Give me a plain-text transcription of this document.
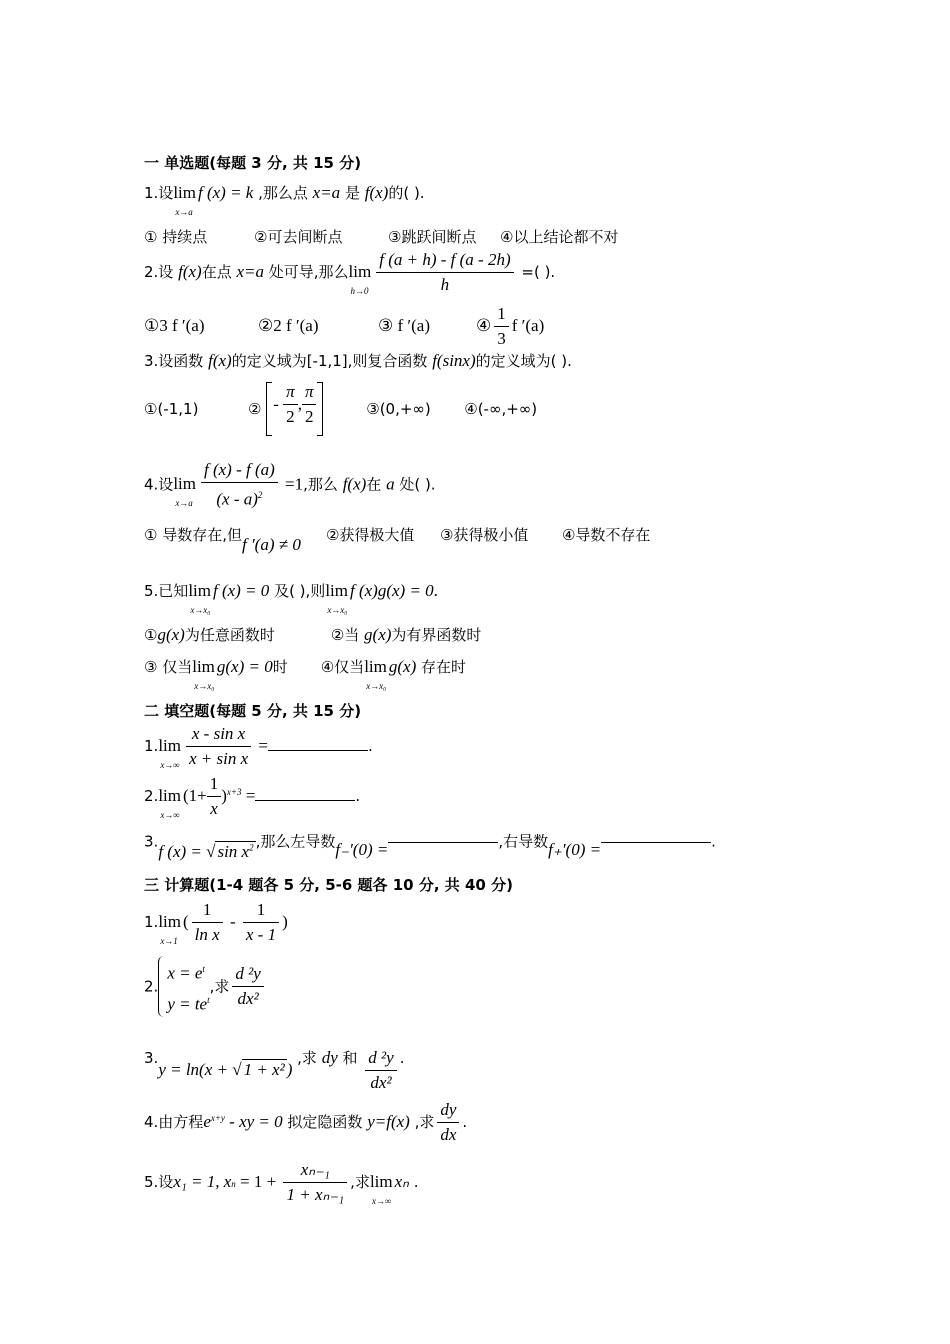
一 单选题(每题 3 分, 共 15 分)
1.设lim
x→a
f (x) = k ,那么点 x=a 是 f(x)的( ).
① 持续点	②可去间断点	③跳跃间断点 ④以上结论都不对
2.设 f(x)在点 x=a 处可导,那么lim
$h\to 0 \frac{f (a + h) - f (a - 2h)}{h}$ =( ).
①3 f ′(a)	②2 f ′(a)	③ f ′(a)	④ $\frac{1}{3}$ f ′(a)
3.设函数 f(x)的定义域为[-1,1],则复合函数 f(sinx)的定义域为( ).
①(-1,1)	② - $\frac{\pi}{2}$ , $\frac{\pi}{2}$	③(0,+∞) ④(-∞,+∞)
4.设lim
$x\to a \frac{f (x) - f (a)}{(x - a)^2} =1$,那么 f(x)在 a 处( ).
① 导数存在,但f ′(a) ≠ 0 ②获得极大值 ③获得极小值 ④导数不存在
5.已知lim
x→x₀
f (x) = 0 及( ),则lim
x→x₀
f (x)g(x) = 0.
①g(x)为任意函数时	②当 g(x)为有界函数时
③ 仅当lim
x→x₀
g(x) = 0时 ④仅当lim
x→x₀
g(x) 存在时
二 填空题(每题 5 分, 共 15 分)
1.lim
$x\to\infty \frac{\text{x - sin x}}{\text{x + sin x}}$ =	.
2.lim
x→∞
$(1+ \frac{1}{x} )^{x+3}$ =	.
3.f (x) = √ $\sin x^2$ ,那么左导数f₋′(0) =	,右导数f₊′(0) =	.
三 计算题(1-4 题各 5 分, 5-6 题各 10 分, 共 40 分)
1.lim
x→1
( $\frac{1}{\text{ln x}} - \frac{1}{x - 1}$ )
$2.x = e^t$
$y = te^t$,求 $\frac{\text{d ²y}}{\text{dx²}}$
3.y = ln(x + √ 1 + x² ) ,求 dy 和 $\frac{\text{d ²y}}{\text{dx²}}$ .
4.由方程$e^{x+y}$ - xy = 0 拟定隐函数 y=f(x) ,求 $\frac{dy}{dx}$ .
5.设x₁ = 1, xn = $1 + \frac{\text{xₙ₋₁}}{\text{1 + xₙ₋₁}}$ ,求lim
x→∞
xₙ .
